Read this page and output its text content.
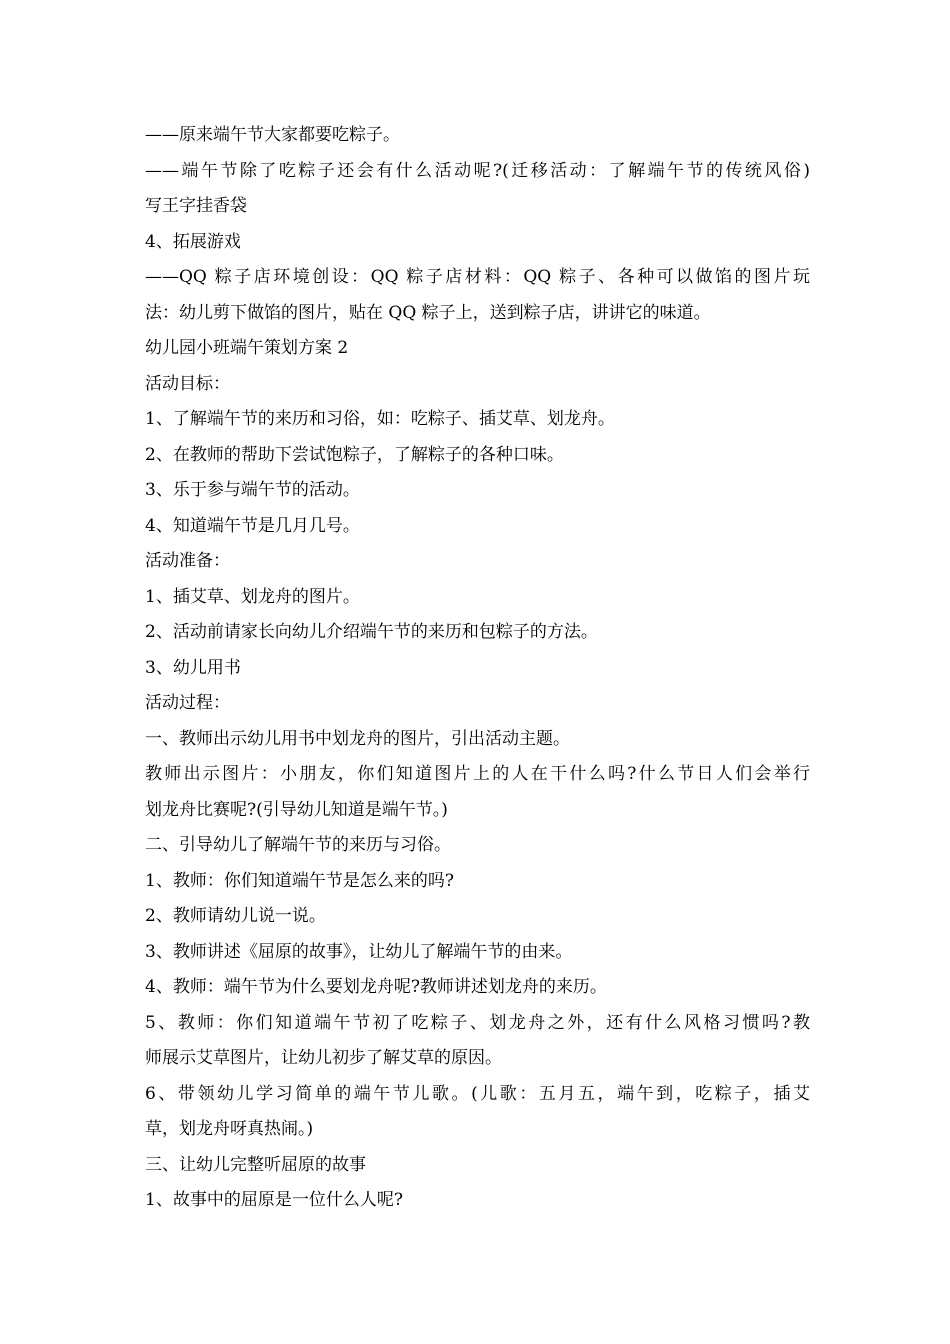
——原来端午节大家都要吃粽子。
——端午节除了吃粽子还会有什么活动呢?(迁移活动：了解端午节的传统风俗)
写王字挂香袋
4、拓展游戏
——QQ 粽子店环境创设：QQ 粽子店材料：QQ 粽子、各种可以做馅的图片玩
法：幼儿剪下做馅的图片，贴在 QQ 粽子上，送到粽子店，讲讲它的味道。
幼儿园小班端午策划方案 2
活动目标：
1、了解端午节的来历和习俗，如：吃粽子、插艾草、划龙舟。
2、在教师的帮助下尝试饱粽子，了解粽子的各种口味。
3、乐于参与端午节的活动。
4、知道端午节是几月几号。
活动准备：
1、插艾草、划龙舟的图片。
2、活动前请家长向幼儿介绍端午节的来历和包粽子的方法。
3、幼儿用书
活动过程：
一、教师出示幼儿用书中划龙舟的图片，引出活动主题。
教师出示图片：小朋友，你们知道图片上的人在干什么吗?什么节日人们会举行
划龙舟比赛呢?(引导幼儿知道是端午节。)
二、引导幼儿了解端午节的来历与习俗。
1、教师：你们知道端午节是怎么来的吗?
2、教师请幼儿说一说。
3、教师讲述《屈原的故事》，让幼儿了解端午节的由来。
4、教师：端午节为什么要划龙舟呢?教师讲述划龙舟的来历。
5、教师：你们知道端午节初了吃粽子、划龙舟之外，还有什么风格习惯吗?教
师展示艾草图片，让幼儿初步了解艾草的原因。
6、带领幼儿学习简单的端午节儿歌。(儿歌：五月五，端午到，吃粽子，插艾
草，划龙舟呀真热闹。)
三、让幼儿完整听屈原的故事
1、故事中的屈原是一位什么人呢?
